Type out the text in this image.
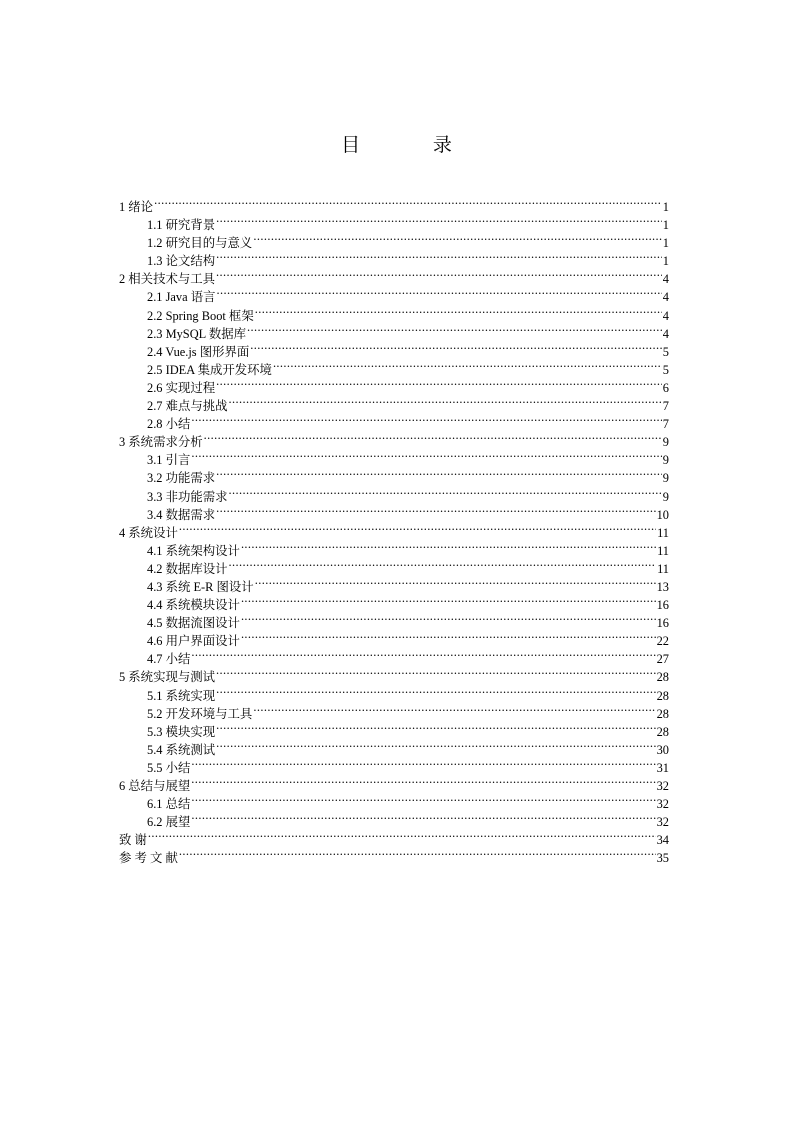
目 录
1 绪论 .....	1
1.1 研究背景 .....	1
1.2 研究目的与意义 .....	1
1.3 论文结构 .....	1
2 相关技术与工具 .....	4
2.1 Java 语言 .....	4
2.2 Spring Boot 框架 .....	4
2.3 MySQL 数据库 .....	4
2.4 Vue.js 图形界面 .....	5
2.5 IDEA 集成开发环境 .....	5
2.6 实现过程 .....	6
2.7 难点与挑战 .....	7
2.8 小结 .....	7
3 系统需求分析 .....	9
3.1 引言 .....	9
3.2 功能需求 .....	9
3.3 非功能需求 .....	9
3.4 数据需求 .....	10
4 系统设计 .....	11
4.1 系统架构设计 .....	11
4.2 数据库设计 .....	11
4.3 系统 E-R 图设计 .....	13
4.4 系统模块设计 .....	16
4.5 数据流图设计 .....	16
4.6 用户界面设计 .....	22
4.7 小结 .....	27
5 系统实现与测试 .....	28
5.1 系统实现 .....	28
5.2 开发环境与工具 .....	28
5.3 模块实现 .....	28
5.4 系统测试 .....	30
5.5 小结 .....	31
6 总结与展望 .....	32
6.1 总结 .....	32
6.2 展望 .....	32
致 谢 .....	34
参 考 文 献 .....	35
